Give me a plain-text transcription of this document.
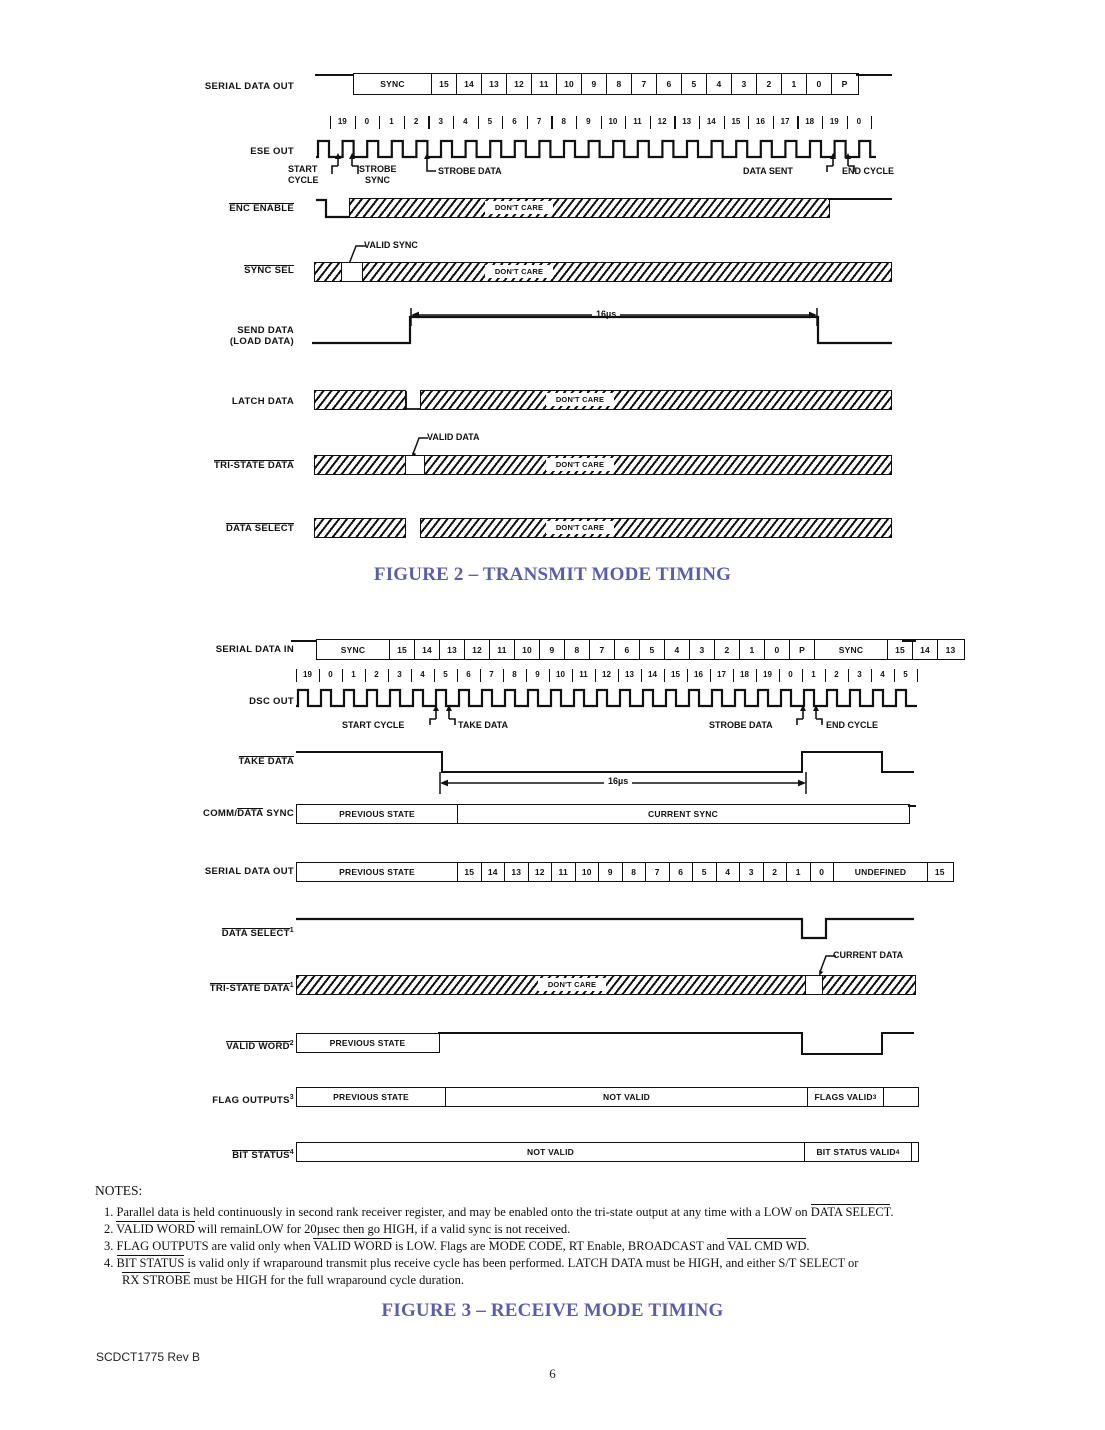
SERIAL DATA OUT	SYNC	15	14	13	12	11	10	9	8	7	6	5	4	3	2	1	0	P
19	0	1	2	3	4	5	6	7	8	9	10	11	12	13	14	15	16	17	18	19	0
ESE OUT
START
CYCLE
STROBE
SYNC
STROBE DATA	DATA SENT	END CYCLE
ENC ENABLE	DON'T CARE
VALID SYNC
SYNC SEL	DON'T CARE
SEND DATA
(LOAD DATA)
16µs
LATCH DATA	DON'T CARE
VALID DATA
TRI-STATE DATA	DON'T CARE
DATA SELECT	DON'T CARE
FIGURE 2 – TRANSMIT MODE TIMING
SERIAL DATA IN	SYNC	15	14	13	12	11	10	9	8	7	6	5	4	3	2	1	0	P	SYNC	15	14	13
19	0	1	2	3	4	5	6	7	8	9	10	11	12	13	14	15	16	17	18	19	0	1	2	3	4	5
DSC OUT
START CYCLE	TAKE DATA	STROBE DATA	END CYCLE
TAKE DATA
16µs
COMM/DATA SYNC	PREVIOUS STATE	CURRENT SYNC
SERIAL DATA OUT	PREVIOUS STATE	15	14	13	12	11	10	9	8	7	6	5	4	3	2	1	0	UNDEFINED	15
DATA SELECT$^1$
CURRENT DATA
TRI-STATE DATA$^1$	DON'T CARE
VALID WORD$^2$	PREVIOUS STATE
FLAG OUTPUTS$^3$	PREVIOUS STATE	NOT VALID	FLAGS VALID 3
BIT STATUS$^4$	NOT VALID	BIT STATUS VALID 4
NOTES:
1. Parallel data is held continuously in second rank receiver register, and may be enabled onto the tri-state output at any time with a LOW on DATA SELECT.
2. VALID WORD will remainLOW for 20µsec then go HIGH, if a valid sync is not received.
3. FLAG OUTPUTS are valid only when VALID WORD is LOW. Flags are MODE CODE, RT Enable, BROADCAST and VAL CMD WD.
4. BIT STATUS is valid only if wraparound transmit plus receive cycle has been performed. LATCH DATA must be HIGH, and either S/T SELECT or
RX STROBE must be HIGH for the full wraparound cycle duration.
FIGURE 3 – RECEIVE MODE TIMING
SCDCT1775 Rev B
6
